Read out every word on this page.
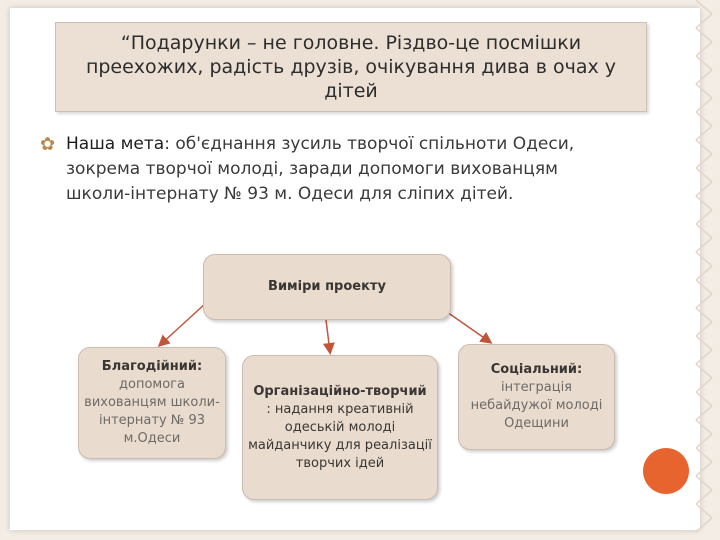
“Подарунки – не головне. Різдво-це посмішки преехожих, радість друзів, очікування дива в очах у дітей

✿ Наша мета: об'єднання зусиль творчої спільноти Одеси, зокрема творчої молоді, заради допомоги вихованцям школи-інтернату № 93 м. Одеси для сліпих дітей.

Виміри проекту
Благодійний:
допомога вихованцям школи-інтернату № 93 м.Одеси
Організаційно-творчий
: надання креативній одеській молоді майданчику для реалізації творчих ідей
Соціальний:
інтеграція небайдужої молоді Одещини
